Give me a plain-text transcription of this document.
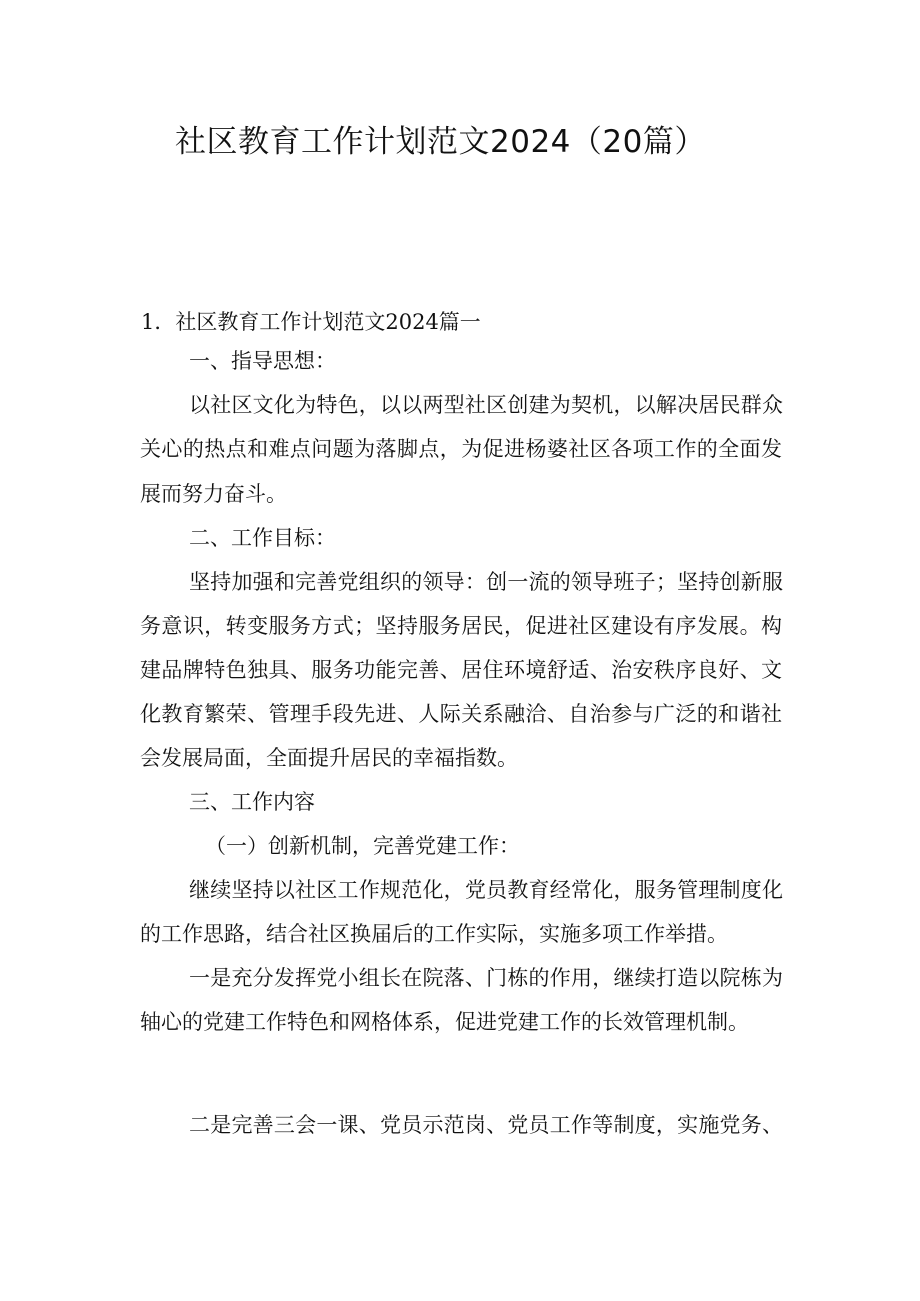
社区教育工作计划范文2024（20篇）
1．社区教育工作计划范文2024篇一
一、指导思想：
以社区文化为特色，以以两型社区创建为契机，以解决居民群众
关心的热点和难点问题为落脚点，为促进杨婆社区各项工作的全面发
展而努力奋斗。
二、工作目标：
坚持加强和完善党组织的领导：创一流的领导班子；坚持创新服
务意识，转变服务方式；坚持服务居民，促进社区建设有序发展。构
建品牌特色独具、服务功能完善、居住环境舒适、治安秩序良好、文
化教育繁荣、管理手段先进、人际关系融洽、自治参与广泛的和谐社
会发展局面，全面提升居民的幸福指数。
三、工作内容
（一）创新机制，完善党建工作：
继续坚持以社区工作规范化，党员教育经常化，服务管理制度化
的工作思路，结合社区换届后的工作实际，实施多项工作举措。
一是充分发挥党小组长在院落、门栋的作用，继续打造以院栋为
轴心的党建工作特色和网格体系，促进党建工作的长效管理机制。
二是完善三会一课、党员示范岗、党员工作等制度，实施党务、
